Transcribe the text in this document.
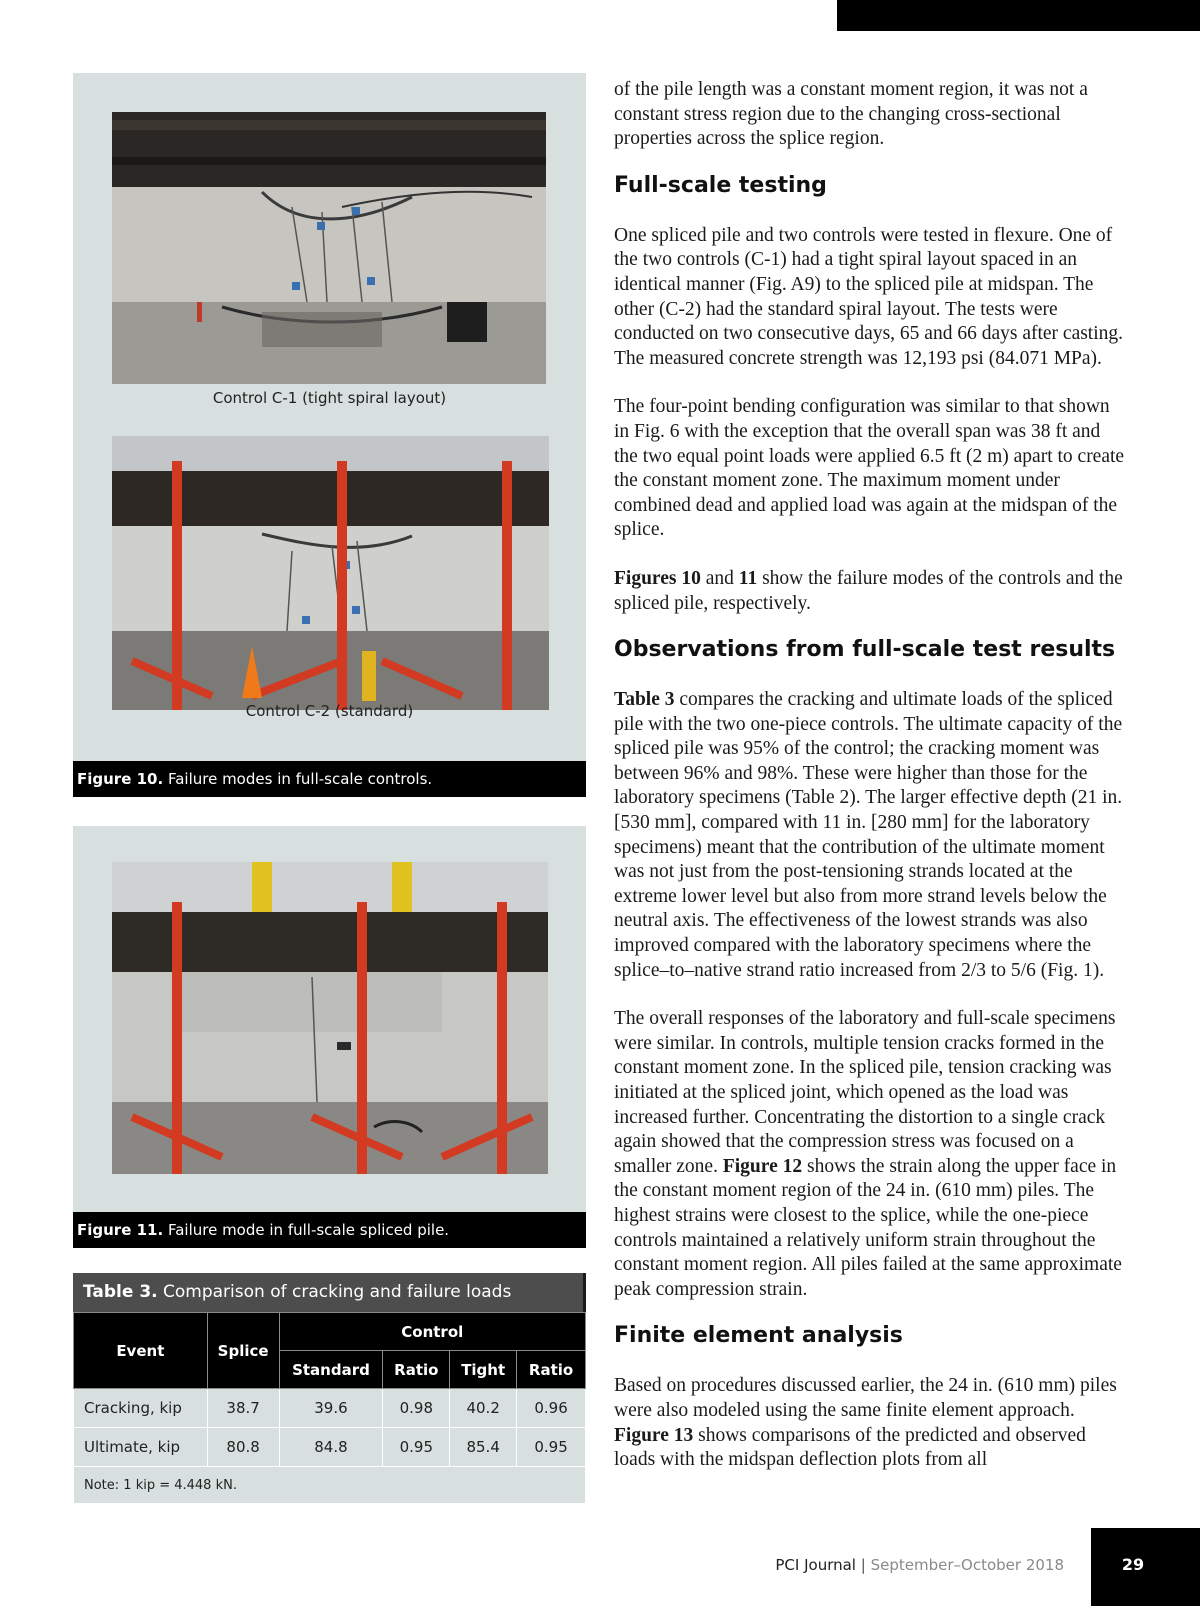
Control C-1 (tight spiral layout)
Control C-2 (standard)
Figure 10. Failure modes in full-scale controls.
Figure 11. Failure mode in full-scale spliced pile.
Table 3. Comparison of cracking and failure loads
Event	Splice	Control			
		Standard	Ratio	Tight	Ratio
Cracking, kip	38.7	39.6	0.98	40.2	0.96
Ultimate, kip	80.8	84.8	0.95	85.4	0.95
Note: 1 kip = 4.448 kN.					

of the pile length was a constant moment region, it was not a constant stress region due to the changing cross-sectional properties across the splice region.

Full-scale testing

One spliced pile and two controls were tested in flexure. One of the two controls (C-1) had a tight spiral layout spaced in an identical manner (Fig. A9) to the spliced pile at midspan. The other (C-2) had the standard spiral layout. The tests were conducted on two consecutive days, 65 and 66 days after casting. The measured concrete strength was 12,193 psi (84.071 MPa).

The four-point bending configuration was similar to that shown in Fig. 6 with the exception that the overall span was 38 ft and the two equal point loads were applied 6.5 ft (2 m) apart to create the constant moment zone. The maximum moment under combined dead and applied load was again at the midspan of the splice.

Figures 10 and 11 show the failure modes of the controls and the spliced pile, respectively.

Observations from full-scale test results

Table 3 compares the cracking and ultimate loads of the spliced pile with the two one-piece controls. The ultimate capacity of the spliced pile was 95% of the control; the cracking moment was between 96% and 98%. These were higher than those for the laboratory specimens (Table 2). The larger effective depth (21 in. [530 mm], compared with 11 in. [280 mm] for the laboratory specimens) meant that the contribution of the ultimate moment was not just from the post-tensioning strands located at the extreme lower level but also from more strand levels below the neutral axis. The effectiveness of the lowest strands was also improved compared with the laboratory specimens where the splice–to–native strand ratio increased from 2/3 to 5/6 (Fig. 1).

The overall responses of the laboratory and full-scale specimens were similar. In controls, multiple tension cracks formed in the constant moment zone. In the spliced pile, tension cracking was initiated at the spliced joint, which opened as the load was increased further. Concentrating the distortion to a single crack again showed that the compression stress was focused on a smaller zone. Figure 12 shows the strain along the upper face in the constant moment region of the 24 in. (610 mm) piles. The highest strains were closest to the splice, while the one-piece controls maintained a relatively uniform strain throughout the constant moment region. All piles failed at the same approximate peak compression strain.

Finite element analysis

Based on procedures discussed earlier, the 24 in. (610 mm) piles were also modeled using the same finite element approach. Figure 13 shows comparisons of the predicted and observed loads with the midspan deflection plots from all

PCI Journal | September–October 2018	29
